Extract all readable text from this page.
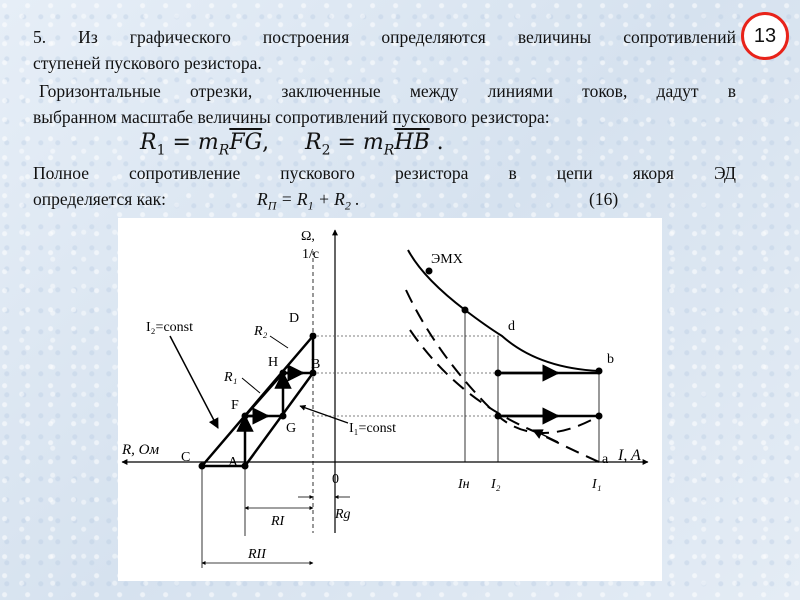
13
5. Из графического построения определяются величины сопротивлений
ступеней пускового резистора.
Горизонтальные отрезки, заключенные между линиями токов, дадут в
выбранном масштабе величины сопротивлений пускового резистора:
$R_1 = m_R\overline{FG}$, $R_2 = m_R\overline{HB}$ .
Полное сопротивление пускового резистора в цепи якоря ЭД
определяется как:	$R_П = R_1 + R_2$ .	(16)
Ω,
1/c
I, A
R, Ом
0
ЭМХ
d
b
a
D
H B
F
G
C	A
I₂=const
I₁=const
R₂
R₁
Iн I₂	I₁
RI	Rg
RII
